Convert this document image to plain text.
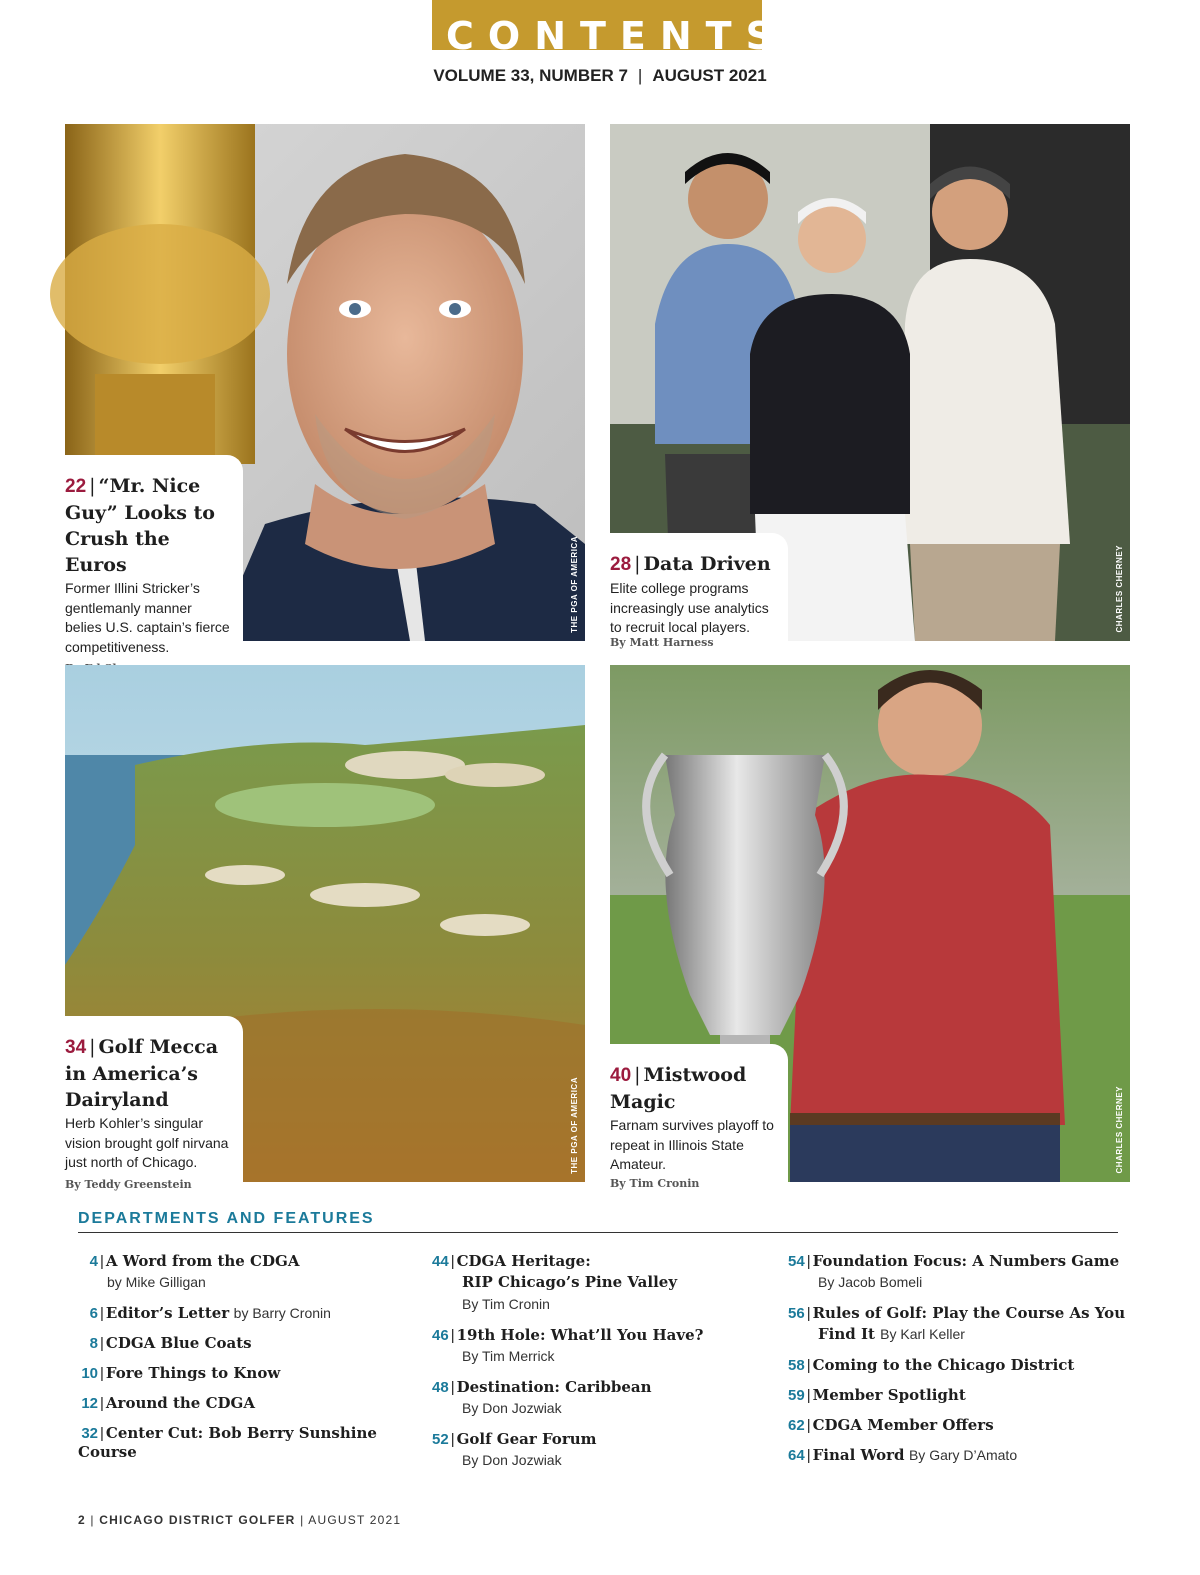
CONTENTS
VOLUME 33, NUMBER 7 | AUGUST 2021
THE PGA OF AMERICA
22 | “Mr. Nice Guy” Looks to Crush the Euros
Former Illini Stricker’s gentlemanly manner belies U.S. captain’s fierce competitiveness.
CHARLES CHERNEY
28 | Data Driven
Elite college programs increasingly use analytics to recruit local players.
By Matt Harness
THE PGA OF AMERICA
34 | Golf Mecca in America’s Dairyland
Herb Kohler’s singular vision brought golf nirvana just north of Chicago.
By Teddy Greenstein
CHARLES CHERNEY
40 | Mistwood Magic
Farnam survives playoff to repeat in Illinois State Amateur.
By Tim Cronin
DEPARTMENTS AND FEATURES
4 | A Word from the CDGA
by Mike Gilligan
6 | Editor’s Letter by Barry Cronin
8 | CDGA Blue Coats
10 | Fore Things to Know
12 | Around the CDGA
32 | Center Cut: Bob Berry Sunshine Course
44 | CDGA Heritage:
RIP Chicago’s Pine Valley
By Tim Cronin
46 | 19th Hole: What’ll You Have?
By Tim Merrick
48 | Destination: Caribbean
By Don Jozwiak
52 | Golf Gear Forum
By Don Jozwiak
54 | Foundation Focus: A Numbers Game
By Jacob Bomeli
56 | Rules of Golf: Play the Course As You
Find It By Karl Keller
58 | Coming to the Chicago District
59 | Member Spotlight
62 | CDGA Member Offers
64 | Final Word By Gary D’Amato
2 | CHICAGO DISTRICT GOLFER | AUGUST 2021
